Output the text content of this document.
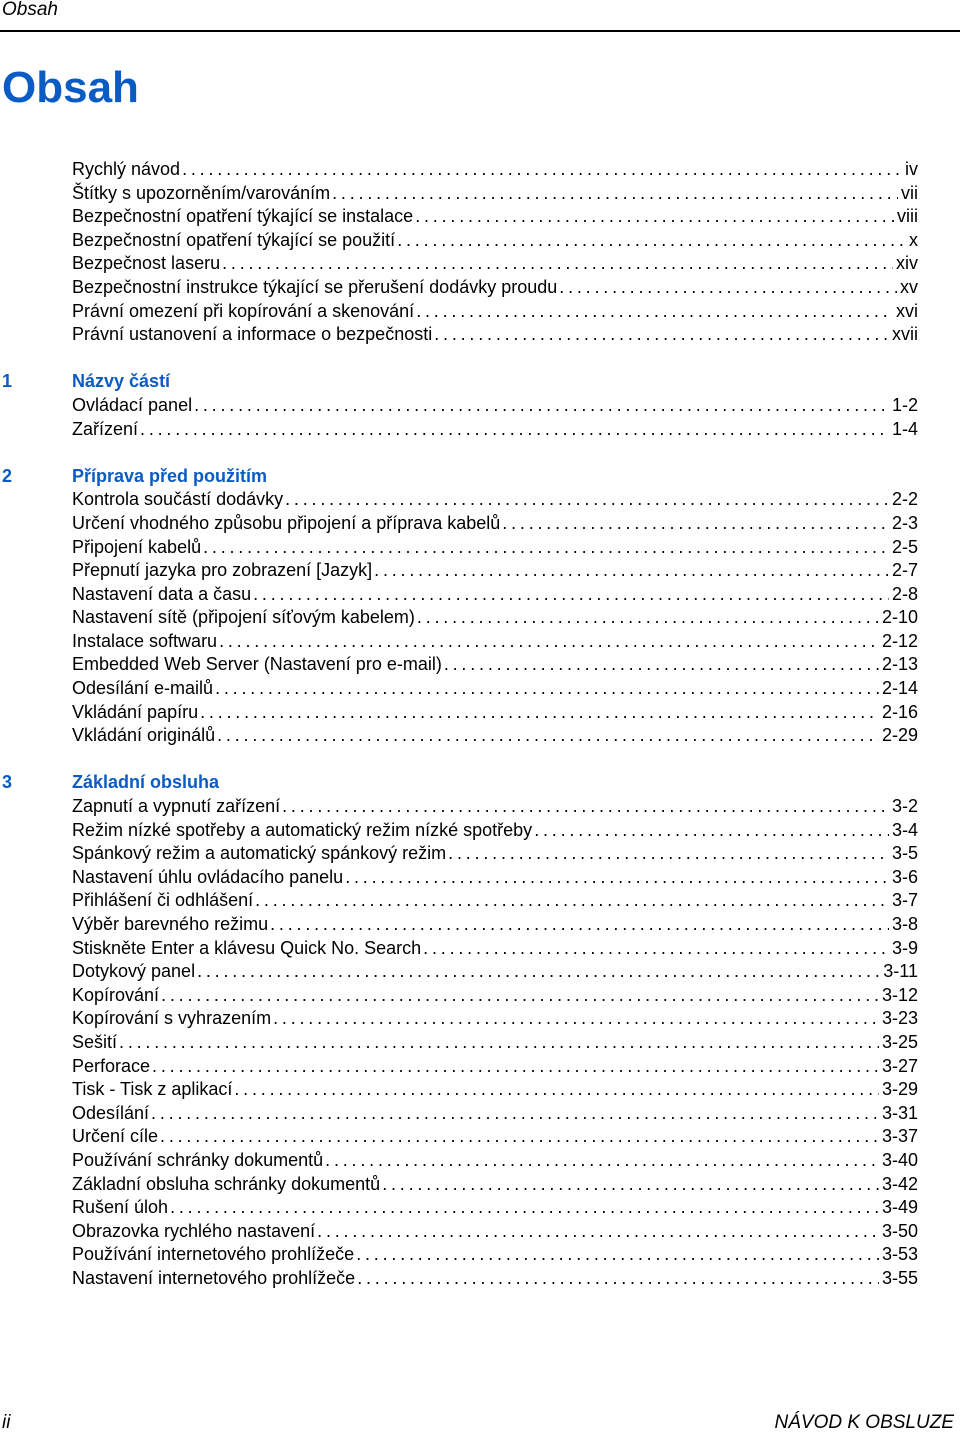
Obsah
Obsah
Rychlý návod . . .	iv
Štítky s upozorněním/varováním . . .	vii
Bezpečnostní opatření týkající se instalace . . .	viii
Bezpečnostní opatření týkající se použití . . .	x
Bezpečnost laseru . . .	xiv
Bezpečnostní instrukce týkající se přerušení dodávky proudu . . .	xv
Právní omezení při kopírování a skenování . . .	xvi
Právní ustanovení a informace o bezpečnosti . . .	xvii
1	Názvy částí
Ovládací panel . . .	1-2
Zařízení . . .	1-4
2	Příprava před použitím
Kontrola součástí dodávky . . .	2-2
Určení vhodného způsobu připojení a příprava kabelů . . .	2-3
Připojení kabelů . . .	2-5
Přepnutí jazyka pro zobrazení [Jazyk] . . .	2-7
Nastavení data a času . . .	2-8
Nastavení sítě (připojení síťovým kabelem) . . .	2-10
Instalace softwaru . . .	2-12
Embedded Web Server (Nastavení pro e-mail) . . .	2-13
Odesílání e-mailů . . .	2-14
Vkládání papíru . . .	2-16
Vkládání originálů . . .	2-29
3	Základní obsluha
Zapnutí a vypnutí zařízení . . .	3-2
Režim nízké spotřeby a automatický režim nízké spotřeby . . .	3-4
Spánkový režim a automatický spánkový režim . . .	3-5
Nastavení úhlu ovládacího panelu . . .	3-6
Přihlášení či odhlášení . . .	3-7
Výběr barevného režimu . . .	3-8
Stiskněte Enter a klávesu Quick No. Search . . .	3-9
Dotykový panel . . .	3-11
Kopírování . . .	3-12
Kopírování s vyhrazením . . .	3-23
Sešití . . .	3-25
Perforace . . .	3-27
Tisk - Tisk z aplikací . . .	3-29
Odesílání . . .	3-31
Určení cíle . . .	3-37
Používání schránky dokumentů . . .	3-40
Základní obsluha schránky dokumentů . . .	3-42
Rušení úloh . . .	3-49
Obrazovka rychlého nastavení . . .	3-50
Používání internetového prohlížeče . . .	3-53
Nastavení internetového prohlížeče . . .	3-55
ii	NÁVOD K OBSLUZE
